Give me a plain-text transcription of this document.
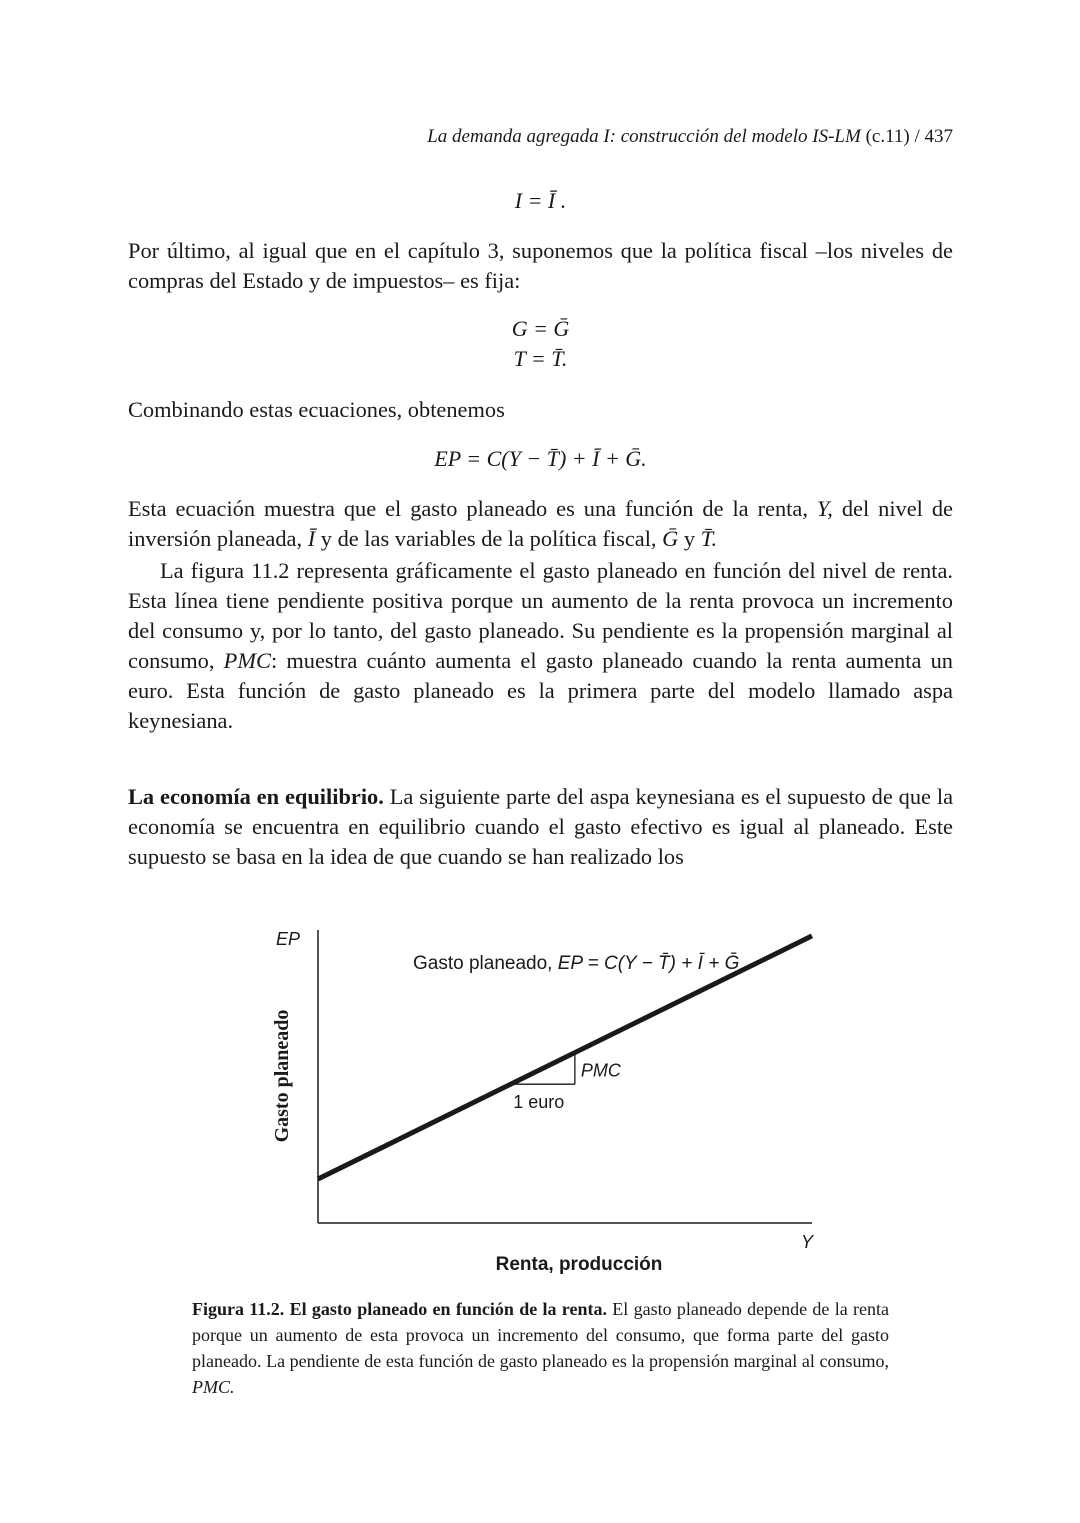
La demanda agregada I: construcción del modelo IS-LM (c.11) / 437
I = Ī .

Por último, al igual que en el capítulo 3, suponemos que la política fiscal –los niveles de compras del Estado y de impuestos– es fija:

G = Ḡ
T = T̄.

Combinando estas ecuaciones, obtenemos

EP = C(Y − T̄) + Ī + Ḡ.

Esta ecuación muestra que el gasto planeado es una función de la renta, Y, del nivel de inversión planeada, Ī y de las variables de la política fiscal, Ḡ y T̄.

La figura 11.2 representa gráficamente el gasto planeado en función del nivel de renta. Esta línea tiene pendiente positiva porque un aumento de la renta provoca un incremento del consumo y, por lo tanto, del gasto planeado. Su pendiente es la propensión marginal al consumo, PMC: muestra cuánto aumenta el gasto planeado cuando la renta aumenta un euro. Esta función de gasto planeado es la primera parte del modelo llamado aspa keynesiana.

La economía en equilibrio. La siguiente parte del aspa keynesiana es el supuesto de que la economía se encuentra en equilibrio cuando el gasto efectivo es igual al planeado. Este supuesto se basa en la idea de que cuando se han realizado los

EP
Y
Renta, producción
Gasto planeado
Gasto planeado, EP = C(Y − T̄) + Ī + Ḡ
1 euro
PMC

Figura 11.2. El gasto planeado en función de la renta. El gasto planeado depende de la renta porque un aumento de esta provoca un incremento del consumo, que forma parte del gasto planeado. La pendiente de esta función de gasto planeado es la propensión marginal al consumo, PMC.
